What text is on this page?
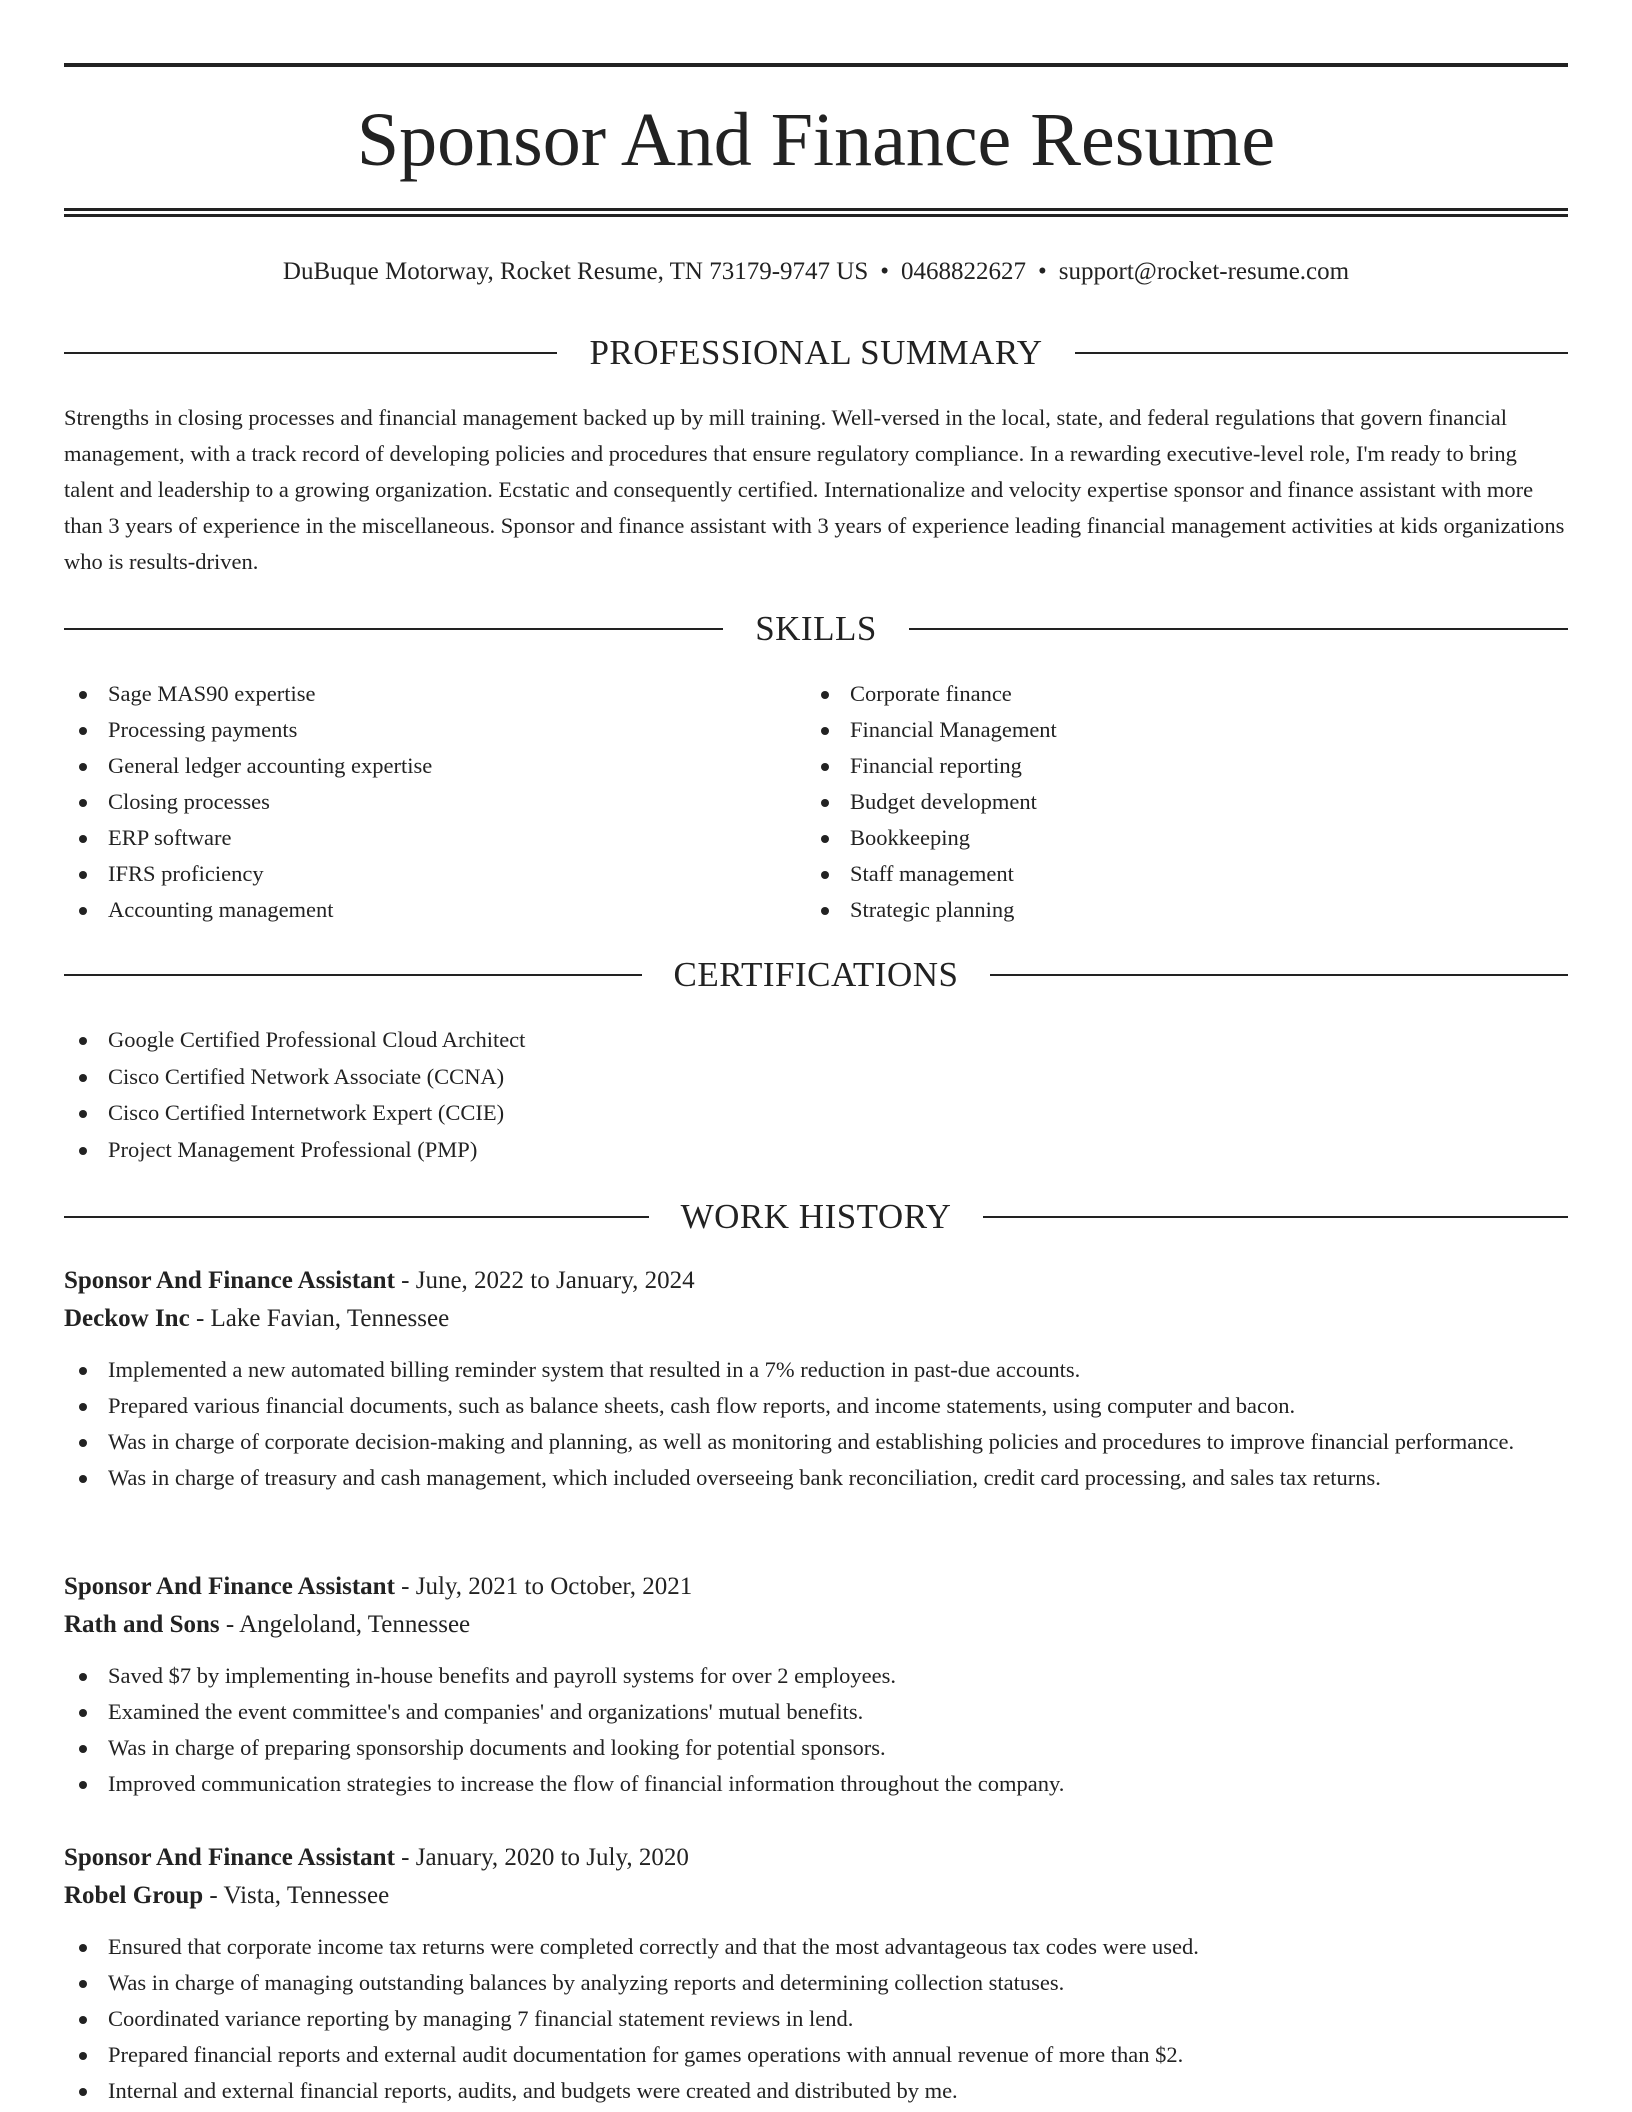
Sponsor And Finance Resume
DuBuque Motorway, Rocket Resume, TN 73179-9747 US • 0468822627 • support@rocket-resume.com
PROFESSIONAL SUMMARY

Strengths in closing processes and financial management backed up by mill training. Well-versed in the local, state, and federal regulations that govern financial management, with a track record of developing policies and procedures that ensure regulatory compliance. In a rewarding executive-level role, I'm ready to bring talent and leadership to a growing organization. Ecstatic and consequently certified. Internationalize and velocity expertise sponsor and finance assistant with more than 3 years of experience in the miscellaneous. Sponsor and finance assistant with 3 years of experience leading financial management activities at kids organizations who is results-driven.

SKILLS
Sage MAS90 expertise
Processing payments
General ledger accounting expertise
Closing processes
ERP software
IFRS proficiency
Accounting management
Corporate finance
Financial Management
Financial reporting
Budget development
Bookkeeping
Staff management
Strategic planning
CERTIFICATIONS
Google Certified Professional Cloud Architect
Cisco Certified Network Associate (CCNA)
Cisco Certified Internetwork Expert (CCIE)
Project Management Professional (PMP)
WORK HISTORY
Sponsor And Finance Assistant - June, 2022 to January, 2024
Deckow Inc - Lake Favian, Tennessee
Implemented a new automated billing reminder system that resulted in a 7% reduction in past-due accounts.
Prepared various financial documents, such as balance sheets, cash flow reports, and income statements, using computer and bacon.
Was in charge of corporate decision-making and planning, as well as monitoring and establishing policies and procedures to improve financial performance.
Was in charge of treasury and cash management, which included overseeing bank reconciliation, credit card processing, and sales tax returns.
Sponsor And Finance Assistant - July, 2021 to October, 2021
Rath and Sons - Angeloland, Tennessee
Saved $7 by implementing in-house benefits and payroll systems for over 2 employees.
Examined the event committee's and companies' and organizations' mutual benefits.
Was in charge of preparing sponsorship documents and looking for potential sponsors.
Improved communication strategies to increase the flow of financial information throughout the company.
Sponsor And Finance Assistant - January, 2020 to July, 2020
Robel Group - Vista, Tennessee
Ensured that corporate income tax returns were completed correctly and that the most advantageous tax codes were used.
Was in charge of managing outstanding balances by analyzing reports and determining collection statuses.
Coordinated variance reporting by managing 7 financial statement reviews in lend.
Prepared financial reports and external audit documentation for games operations with annual revenue of more than $2.
Internal and external financial reports, audits, and budgets were created and distributed by me.
